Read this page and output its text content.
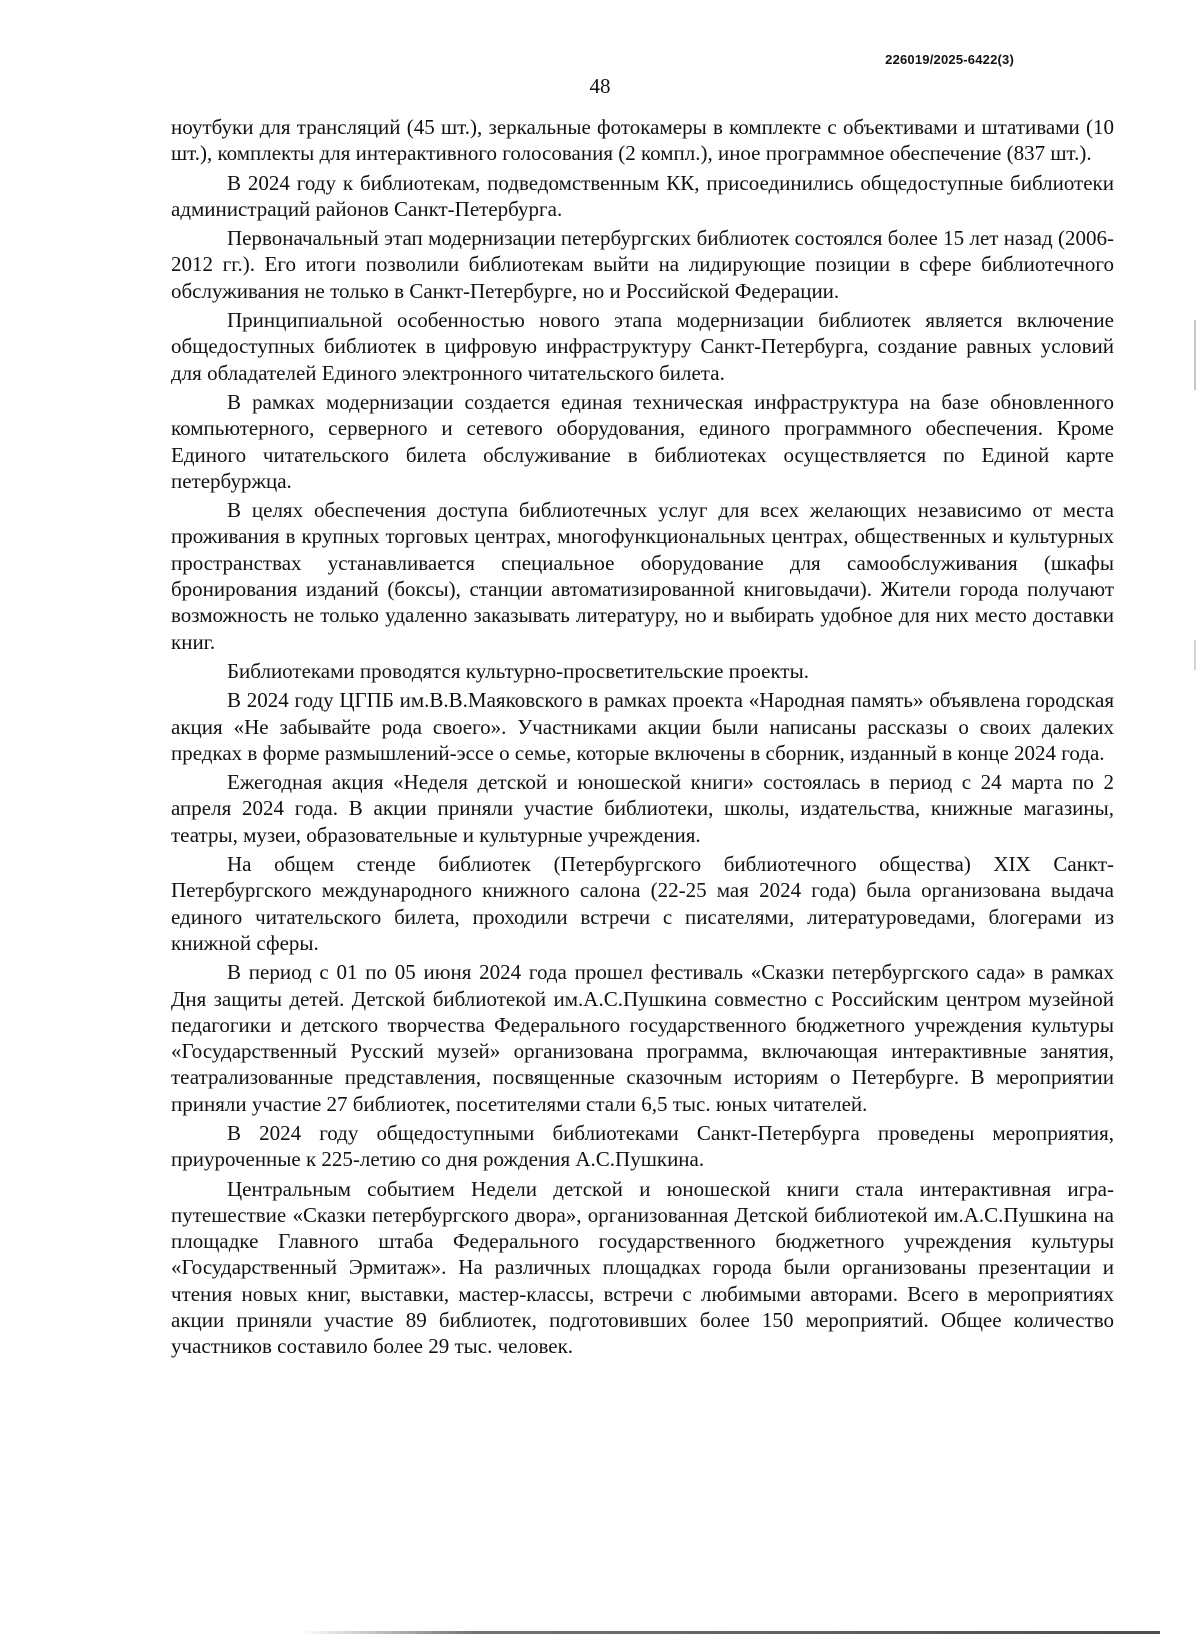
226019/2025-6422(3)
48

ноутбуки для трансляций (45 шт.), зеркальные фотокамеры в комплекте с объективами и штативами (10 шт.), комплекты для интерактивного голосования (2 компл.), иное программное обеспечение (837 шт.).

В 2024 году к библиотекам, подведомственным КК, присоединились общедоступные библиотеки администраций районов Санкт-Петербурга.

Первоначальный этап модернизации петербургских библиотек состоялся более 15 лет назад (2006-2012 гг.). Его итоги позволили библиотекам выйти на лидирующие позиции в сфере библиотечного обслуживания не только в Санкт-Петербурге, но и Российской Федерации.

Принципиальной особенностью нового этапа модернизации библиотек является включение общедоступных библиотек в цифровую инфраструктуру Санкт-Петербурга, создание равных условий для обладателей Единого электронного читательского билета.

В рамках модернизации создается единая техническая инфраструктура на базе обновленного компьютерного, серверного и сетевого оборудования, единого программного обеспечения. Кроме Единого читательского билета обслуживание в библиотеках осуществляется по Единой карте петербуржца.

В целях обеспечения доступа библиотечных услуг для всех желающих независимо от места проживания в крупных торговых центрах, многофункциональных центрах, общественных и культурных пространствах устанавливается специальное оборудование для самообслуживания (шкафы бронирования изданий (боксы), станции автоматизированной книговыдачи). Жители города получают возможность не только удаленно заказывать литературу, но и выбирать удобное для них место доставки книг.

Библиотеками проводятся культурно-просветительские проекты.

В 2024 году ЦГПБ им.В.В.Маяковского в рамках проекта «Народная память» объявлена городская акция «Не забывайте рода своего». Участниками акции были написаны рассказы о своих далеких предках в форме размышлений-эссе о семье, которые включены в сборник, изданный в конце 2024 года.

Ежегодная акция «Неделя детской и юношеской книги» состоялась в период с 24 марта по 2 апреля 2024 года. В акции приняли участие библиотеки, школы, издательства, книжные магазины, театры, музеи, образовательные и культурные учреждения.

На общем стенде библиотек (Петербургского библиотечного общества) XIX Санкт-Петербургского международного книжного салона (22-25 мая 2024 года) была организована выдача единого читательского билета, проходили встречи с писателями, литературоведами, блогерами из книжной сферы.

В период с 01 по 05 июня 2024 года прошел фестиваль «Сказки петербургского сада» в рамках Дня защиты детей. Детской библиотекой им.А.С.Пушкина совместно с Российским центром музейной педагогики и детского творчества Федерального государственного бюджетного учреждения культуры «Государственный Русский музей» организована программа, включающая интерактивные занятия, театрализованные представления, посвященные сказочным историям о Петербурге. В мероприятии приняли участие 27 библиотек, посетителями стали 6,5 тыс. юных читателей.

В 2024 году общедоступными библиотеками Санкт-Петербурга проведены мероприятия, приуроченные к 225-летию со дня рождения А.С.Пушкина.

Центральным событием Недели детской и юношеской книги стала интерактивная игра-путешествие «Сказки петербургского двора», организованная Детской библиотекой им.А.С.Пушкина на площадке Главного штаба Федерального государственного бюджетного учреждения культуры «Государственный Эрмитаж». На различных площадках города были организованы презентации и чтения новых книг, выставки, мастер-классы, встречи с любимыми авторами. Всего в мероприятиях акции приняли участие 89 библиотек, подготовивших более 150 мероприятий. Общее количество участников составило более 29 тыс. человек.
